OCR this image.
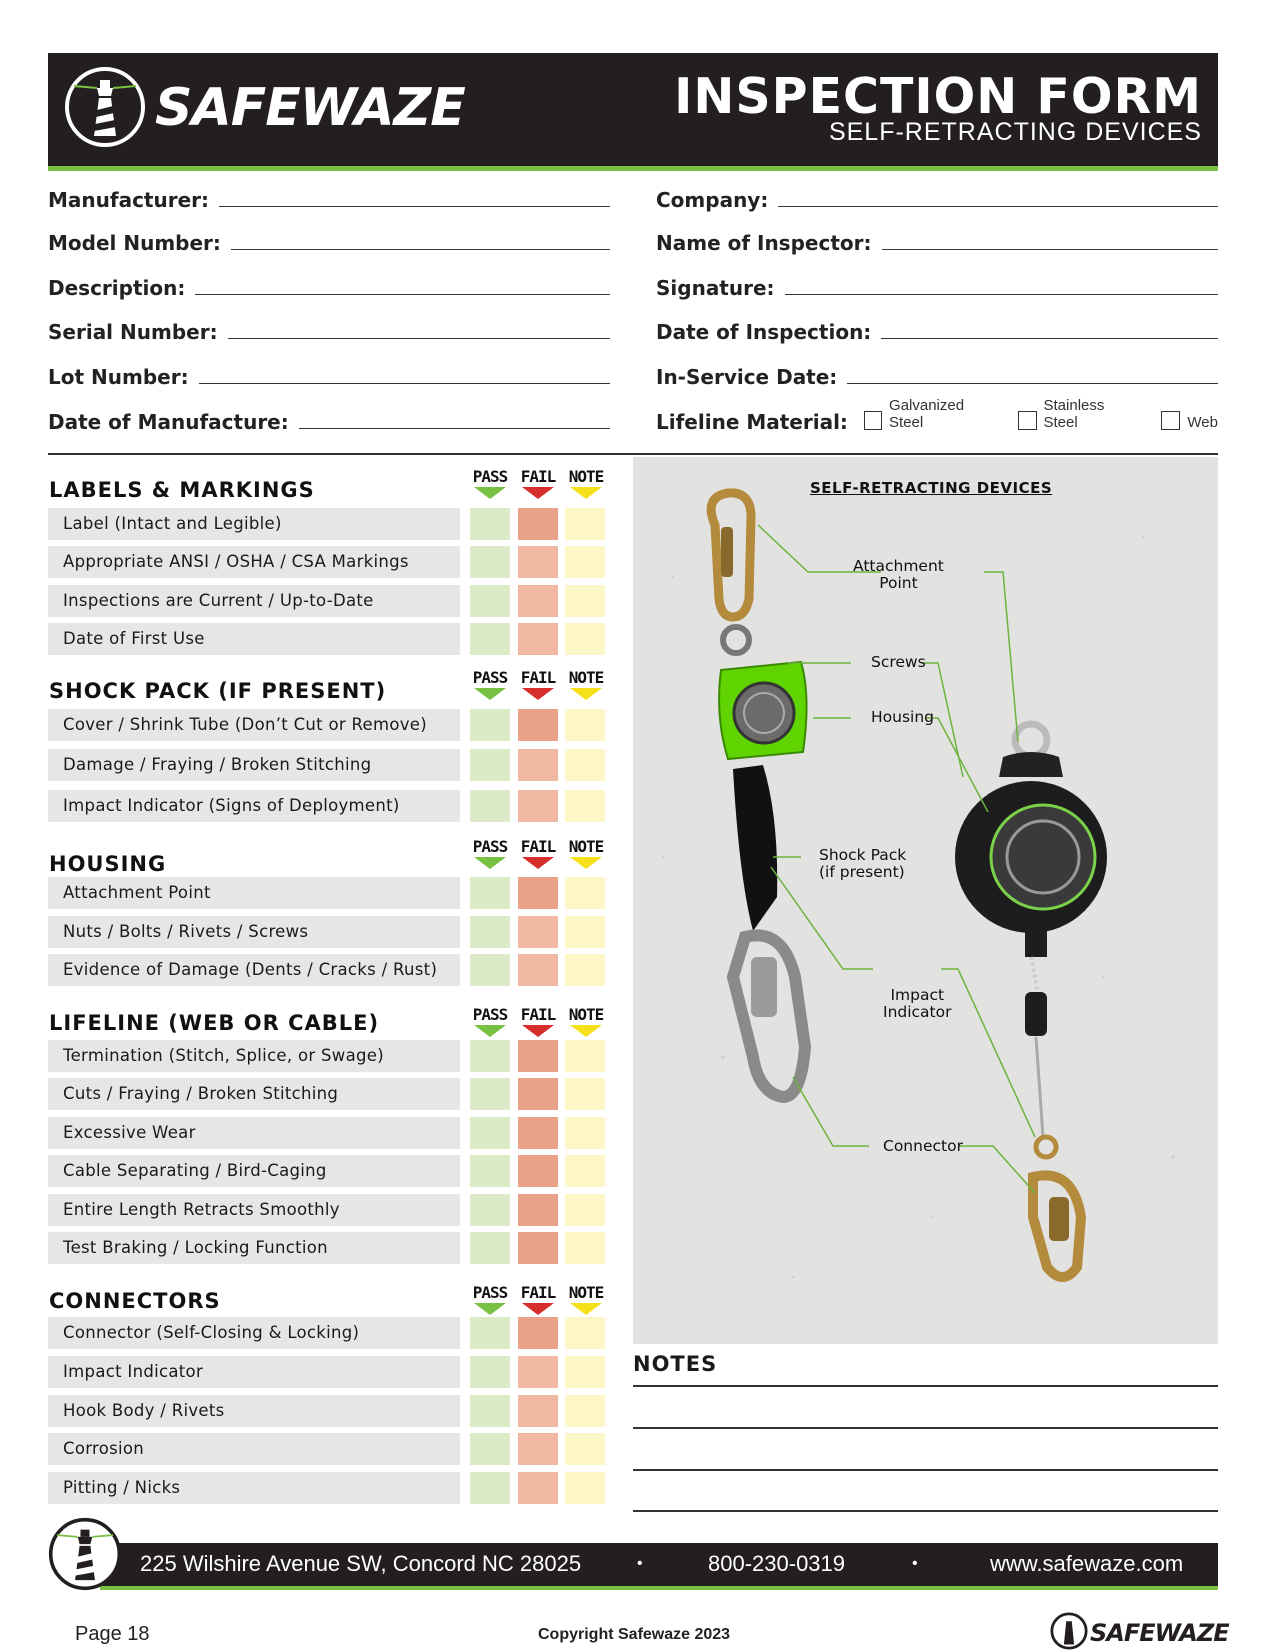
SAFEWAZE	INSPECTION FORM
SELF-RETRACTING DEVICES
Manufacturer:
Model Number:
Description:
Serial Number:
Lot Number:
Date of Manufacture:
Company:
Name of Inspector:
Signature:
Date of Inspection:
In-Service Date:
Lifeline Material:
Galvanized Steel
Stainless Steel	Web
LABELS & MARKINGS
PASS FAIL NOTE
Label (Intact and Legible)
Appropriate ANSI / OSHA / CSA Markings
Inspections are Current / Up-to-Date
Date of First Use
SHOCK PACK (IF PRESENT)
PASS FAIL NOTE
Cover / Shrink Tube (Don’t Cut or Remove)
Damage / Fraying / Broken Stitching
Impact Indicator (Signs of Deployment)
HOUSING
PASS FAIL NOTE
Attachment Point
Nuts / Bolts / Rivets / Screws
Evidence of Damage (Dents / Cracks / Rust)
LIFELINE (WEB OR CABLE)	PASS FAIL NOTE
Termination (Stitch, Splice, or Swage)
Cuts / Fraying / Broken Stitching
Excessive Wear
Cable Separating / Bird-Caging
Entire Length Retracts Smoothly
Test Braking / Locking Function
CONNECTORS	PASS FAIL NOTE
Connector (Self-Closing & Locking)
Impact Indicator
Hook Body / Rivets
Corrosion
Pitting / Nicks
Attachment
Point
Screws
Housing
Shock Pack
(if present)
Impact
Indicator
Connector
SELF-RETRACTING DEVICES
NOTES
225 Wilshire Avenue SW, Concord NC 28025	•	800-230-0319	•	www.safewaze.com
Page 18	Copyright Safewaze 2023	SAFEWAZE
